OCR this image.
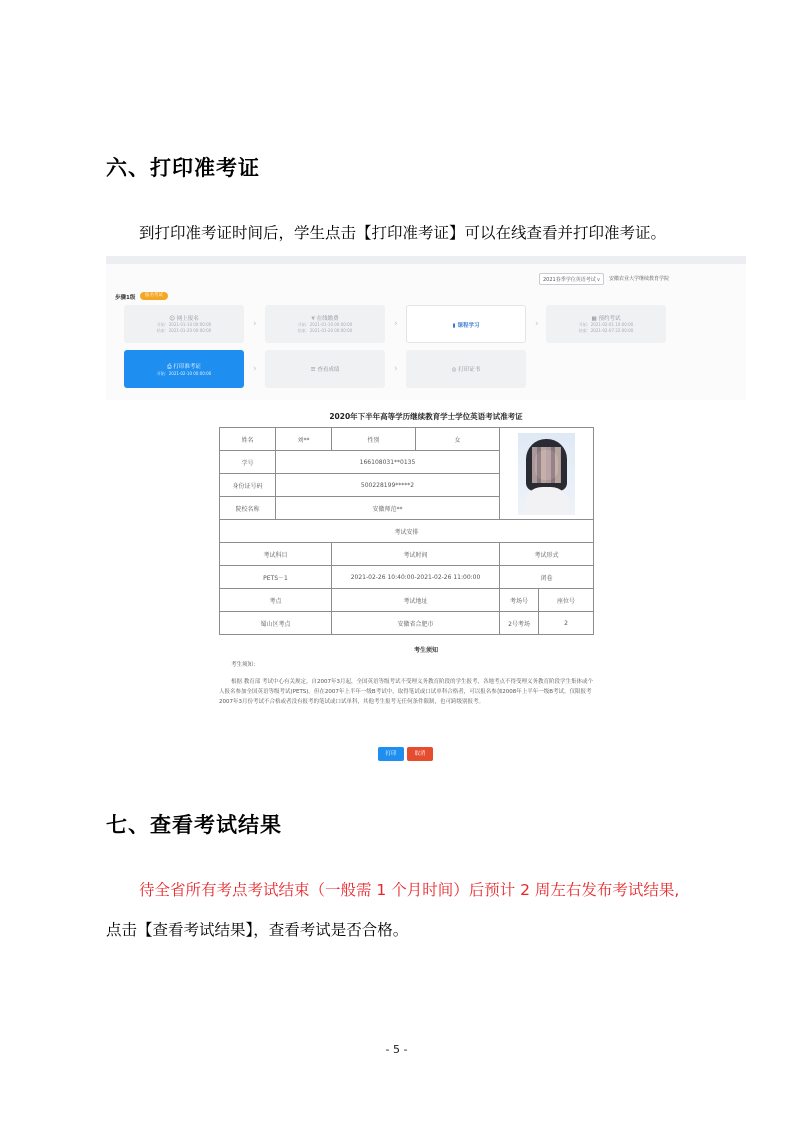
六、打印准考证
到打印准考证时间后，学生点击【打印准考证】可以在线查看并打印准考证。
2021春季学位英语考试 v 安徽农业大学继续教育学院
步骤1级	报名考试
☺ 网上报名
开始：2021-01-10 00:00:00
结束：2021-01-20 00:00:00
›	¥ 在线缴费
开始：2021-01-10 00:00:00
结束：2021-01-20 00:00:00
›	▮ 课程学习	›	▦ 预约考试
开始：2021-02-01 10:00:00
结束：2021-02-07 22:00:00
⎙ 打印准考证
开始：2021-02-10 00:00:00	›	☰ 查看成绩	›	◎ 打印证书
2020年下半年高等学历继续教育学士学位英语考试准考证
姓名	刘**	性别	女		

学号	166108031**0135				
身份证号码	500228199*****2				
院校名称	安徽师范**				
考试安排					
考试科目		考试时间		考试形式	
PETS－1		2021-02-26 10:40:00-2021-02-26 11:00:00		闭卷	
考点		考试地址		考场号	座位号
蜀山区考点		安徽省合肥市		2号考场	2
考生须知
考生须知：
根据 教育部 考试中心有关规定，自2007年3月起，全国英语等级考试不受理义务教育阶段的学生报考，各地考点不得受理义务教育阶段学生集体或个人报名参加全国英语等级考试(PETS)。但在2007年上半年一级B考试中，取得笔试或口试单科合格者，可以报名参加2008年上半年一级B考试。仅限报考2007年3月份考试不合格或者没有报考的笔试或口试单科，其他考生报考无任何条件限制，也可跨级别报考。
打印	取消
七、查看考试结果
待全省所有考点考试结束（一般需 1 个月时间）后预计 2 周左右发布考试结果,
点击【查看考试结果】，查看考试是否合格。
- 5 -
